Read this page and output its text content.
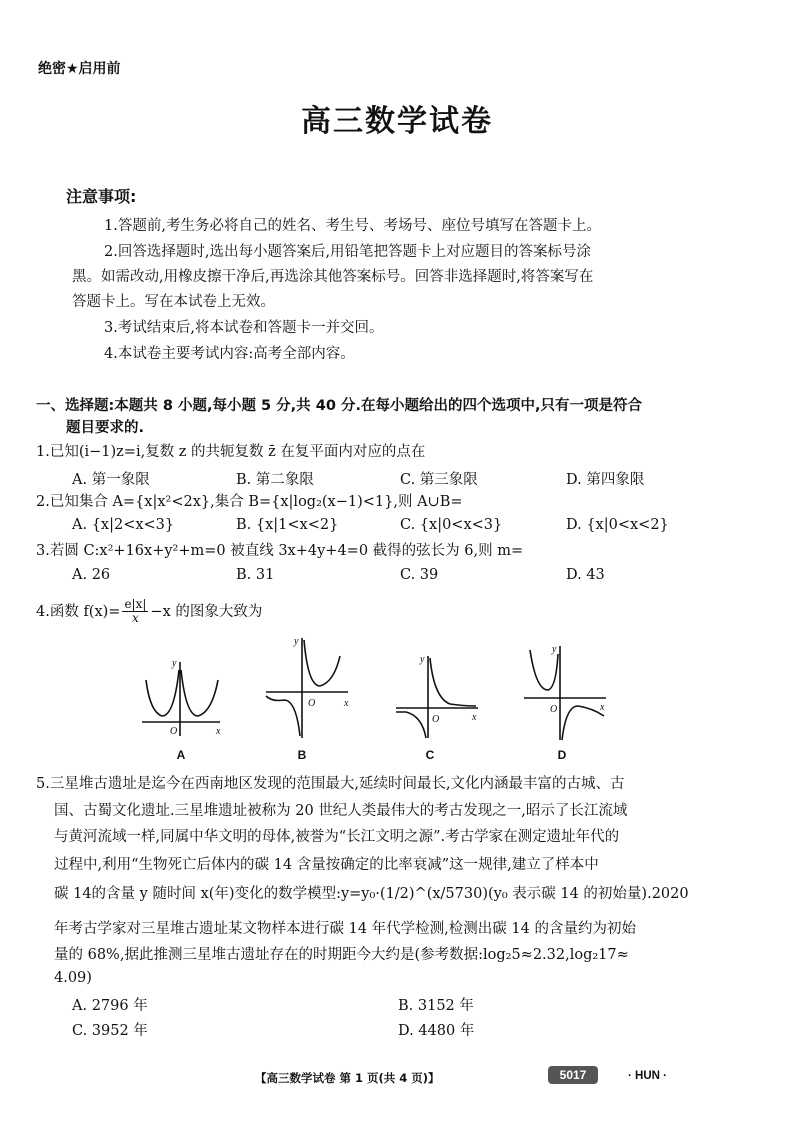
绝密★启用前
高三数学试卷
注意事项:
1.答题前,考生务必将自己的姓名、考生号、考场号、座位号填写在答题卡上。
2.回答选择题时,选出每小题答案后,用铅笔把答题卡上对应题目的答案标号涂
黑。如需改动,用橡皮擦干净后,再选涂其他答案标号。回答非选择题时,将答案写在
答题卡上。写在本试卷上无效。
3.考试结束后,将本试卷和答题卡一并交回。
4.本试卷主要考试内容:高考全部内容。
一、选择题:本题共 8 小题,每小题 5 分,共 40 分.在每小题给出的四个选项中,只有一项是符合
题目要求的.
1.已知(i−1)z=i,复数 z 的共轭复数 z̄ 在复平面内对应的点在
A. 第一象限	B. 第二象限	C. 第三象限	D. 第四象限
2.已知集合 A={x|x²<2x},集合 B={x|log₂(x−1)<1},则 A∪B=
A. {x|2<x<3}	B. {x|1<x<2}	C. {x|0<x<3}	D. {x|0<x<2}
3.若圆 C:x²+16x+y²+m=0 被直线 3x+4y+4=0 截得的弦长为 6,则 m=
A. 26	B. 31	C. 39	D. 43
4.函数 $f(x)= \frac{e|x|}{x} -x$ 的图象大致为
y
O	x
A
y
O	x
B
y
O	x
C
y
O	x
D
5.三星堆古遗址是迄今在西南地区发现的范围最大,延续时间最长,文化内涵最丰富的古城、古
国、古蜀文化遗址.三星堆遗址被称为 20 世纪人类最伟大的考古发现之一,昭示了长江流域
与黄河流域一样,同属中华文明的母体,被誉为“长江文明之源”.考古学家在测定遗址年代的
过程中,利用“生物死亡后体内的碳 14 含量按确定的比率衰减”这一规律,建立了样本中
碳 14的含量 y 随时间 x(年)变化的数学模型:y=y₀·(1/2)^(x/5730)(y₀ 表示碳 14 的初始量).2020
年考古学家对三星堆古遗址某文物样本进行碳 14 年代学检测,检测出碳 14 的含量约为初始
量的 68%,据此推测三星堆古遗址存在的时期距今大约是(参考数据:log₂5≈2.32,log₂17≈
4.09)
A. 2796 年	B. 3152 年
C. 3952 年	D. 4480 年
【高三数学试卷 第 1 页(共 4 页)】	5017	· HUN ·
